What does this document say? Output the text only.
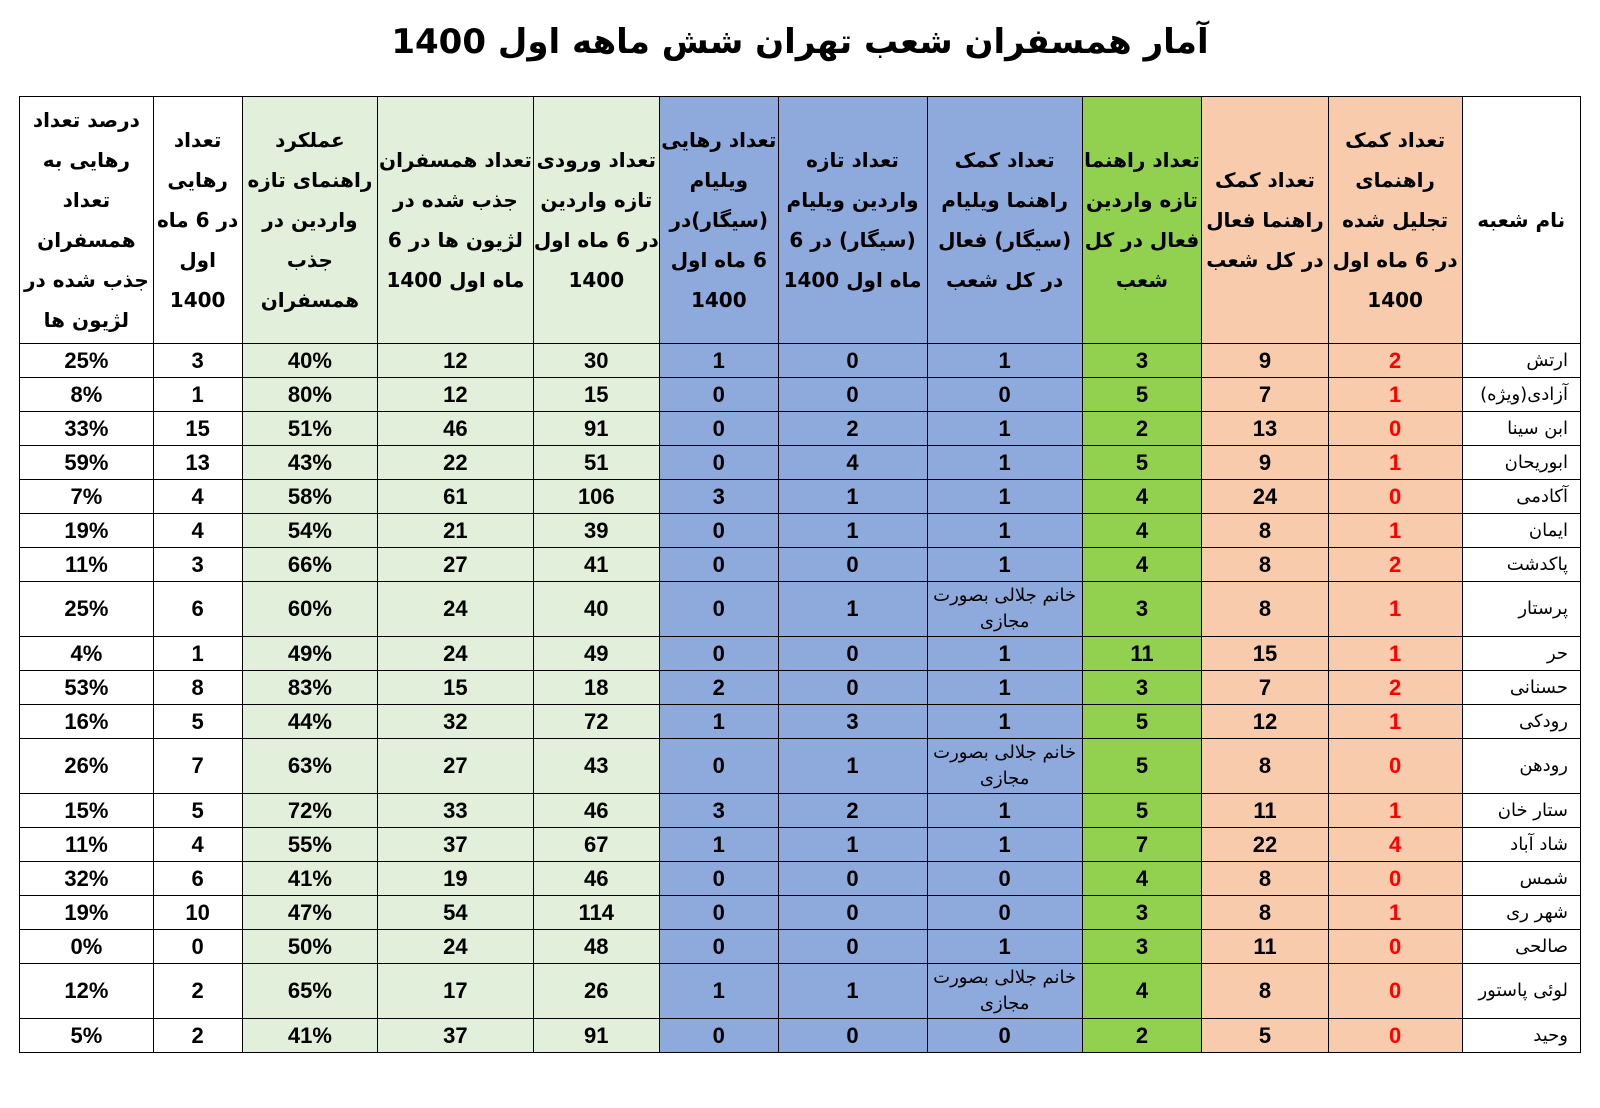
آمار همسفران شعب تهران شش ماهه اول 1400
درصد تعداد رهایی به تعداد همسفران جذب شده در لژیون ها	تعداد رهایی در 6 ماه اول 1400	عملکرد راهنمای تازه واردین در جذب همسفران	تعداد همسفران جذب شده در لژیون ها در 6 ماه اول 1400	تعداد ورودی تازه واردین در 6 ماه اول 1400	تعداد رهایی ویلیام (سیگار)در 6 ماه اول 1400	تعداد تازه واردین ویلیام (سیگار) در 6 ماه اول 1400	تعداد کمک راهنما ویلیام (سیگار) فعال در کل شعب	تعداد راهنما تازه واردین فعال در کل شعب	تعداد کمک راهنما فعال در کل شعب	تعداد کمک راهنمای تجلیل شده در 6 ماه اول 1400	نام شعبه
25%	3	40%	12	30	1	0	1	3	9	2	ارتش
8%	1	80%	12	15	0	0	0	5	7	1	آزادی(ویژه)
33%	15	51%	46	91	0	2	1	2	13	0	ابن سینا
59%	13	43%	22	51	0	4	1	5	9	1	ابوریحان
7%	4	58%	61	106	3	1	1	4	24	0	آکادمی
19%	4	54%	21	39	0	1	1	4	8	1	ایمان
11%	3	66%	27	41	0	0	1	4	8	2	پاکدشت
25%	6	60%	24	40	0	1	خانم جلالی بصورت مجازی	3	8	1	پرستار
4%	1	49%	24	49	0	0	1	11	15	1	حر
53%	8	83%	15	18	2	0	1	3	7	2	حسنانی
16%	5	44%	32	72	1	3	1	5	12	1	رودکی
26%	7	63%	27	43	0	1	خانم جلالی بصورت مجازی	5	8	0	رودهن
15%	5	72%	33	46	3	2	1	5	11	1	ستار خان
11%	4	55%	37	67	1	1	1	7	22	4	شاد آباد
32%	6	41%	19	46	0	0	0	4	8	0	شمس
19%	10	47%	54	114	0	0	0	3	8	1	شهر ری
0%	0	50%	24	48	0	0	1	3	11	0	صالحی
12%	2	65%	17	26	1	1	خانم جلالی بصورت مجازی	4	8	0	لوئی پاستور
5%	2	41%	37	91	0	0	0	2	5	0	وحید
